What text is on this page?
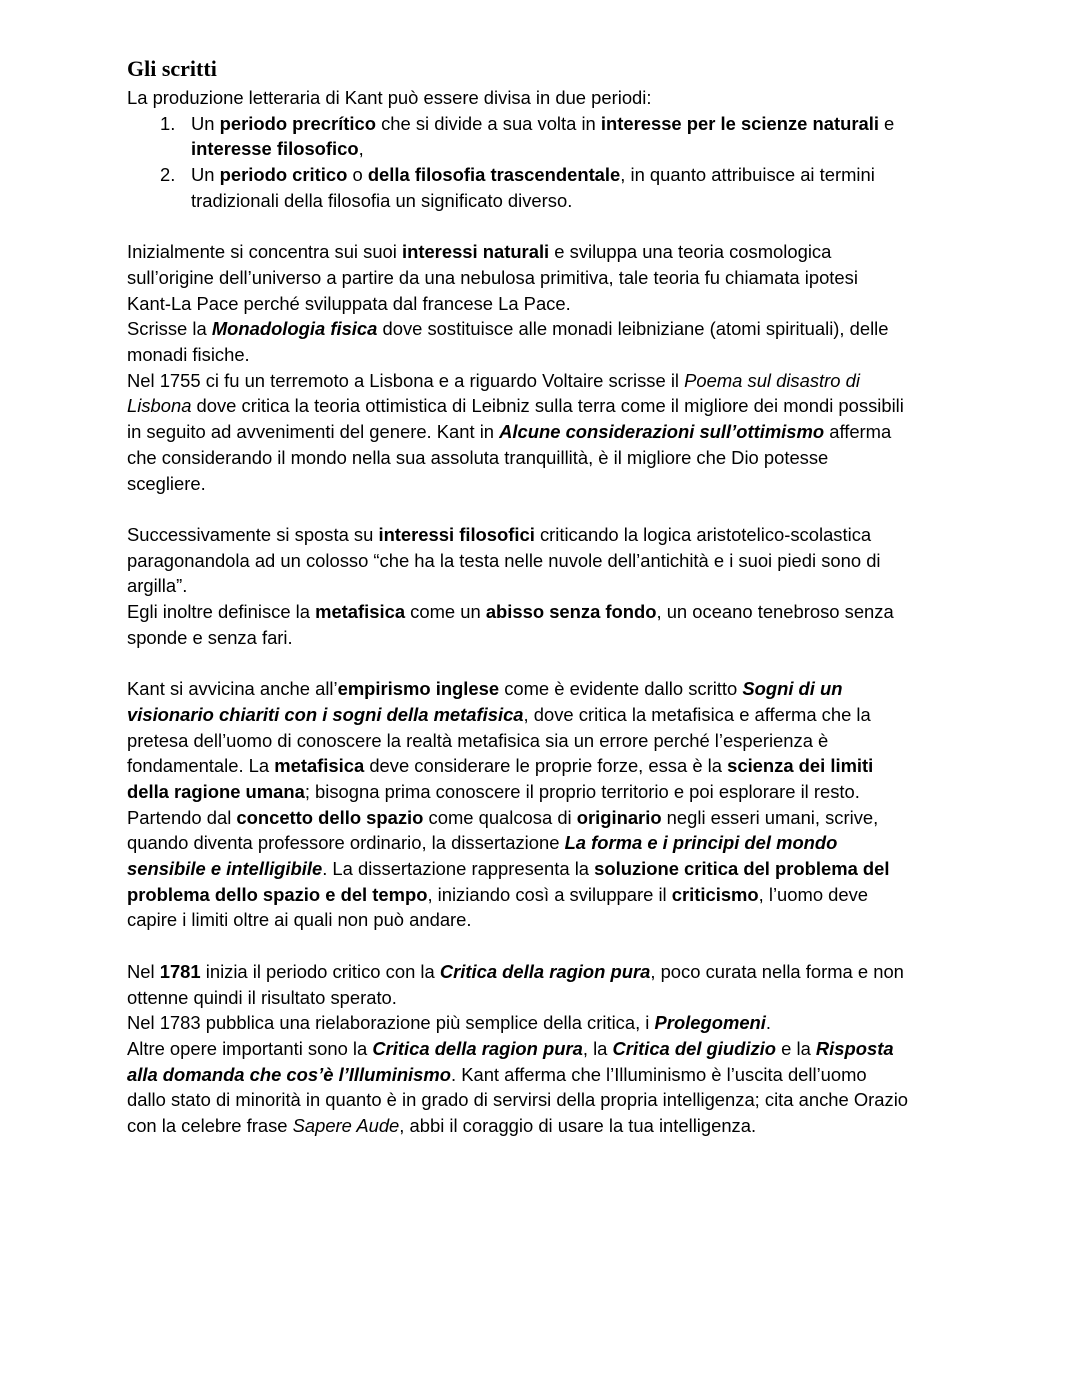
Gli scritti

La produzione letteraria di Kant può essere divisa in due periodi:

1. Un periodo precrítico che si divide a sua volta in interesse per le scienze naturali e
interesse filosofico,
2. Un periodo critico o della filosofia trascendentale, in quanto attribuisce ai termini
tradizionali della filosofia un significato diverso.

Inizialmente si concentra sui suoi interessi naturali e sviluppa una teoria cosmologica
sull’origine dell’universo a partire da una nebulosa primitiva, tale teoria fu chiamata ipotesi
Kant-La Pace perché sviluppata dal francese La Pace.

Scrisse la Monadologia fisica dove sostituisce alle monadi leibniziane (atomi spirituali), delle
monadi fisiche.

Nel 1755 ci fu un terremoto a Lisbona e a riguardo Voltaire scrisse il Poema sul disastro di
Lisbona dove critica la teoria ottimistica di Leibniz sulla terra come il migliore dei mondi possibili
in seguito ad avvenimenti del genere. Kant in Alcune considerazioni sull’ottimismo afferma
che considerando il mondo nella sua assoluta tranquillità, è il migliore che Dio potesse
scegliere.

Successivamente si sposta su interessi filosofici criticando la logica aristotelico-scolastica
paragonandola ad un colosso “che ha la testa nelle nuvole dell’antichità e i suoi piedi sono di
argilla”.

Egli inoltre definisce la metafisica come un abisso senza fondo, un oceano tenebroso senza
sponde e senza fari.

Kant si avvicina anche all’empirismo inglese come è evidente dallo scritto Sogni di un
visionario chiariti con i sogni della metafisica, dove critica la metafisica e afferma che la
pretesa dell’uomo di conoscere la realtà metafisica sia un errore perché l’esperienza è
fondamentale. La metafisica deve considerare le proprie forze, essa è la scienza dei limiti
della ragione umana; bisogna prima conoscere il proprio territorio e poi esplorare il resto.

Partendo dal concetto dello spazio come qualcosa di originario negli esseri umani, scrive,
quando diventa professore ordinario, la dissertazione La forma e i principi del mondo
sensibile e intelligibile. La dissertazione rappresenta la soluzione critica del problema del
problema dello spazio e del tempo, iniziando così a sviluppare il criticismo, l’uomo deve
capire i limiti oltre ai quali non può andare.

Nel 1781 inizia il periodo critico con la Critica della ragion pura, poco curata nella forma e non
ottenne quindi il risultato sperato.

Nel 1783 pubblica una rielaborazione più semplice della critica, i Prolegomeni.

Altre opere importanti sono la Critica della ragion pura, la Critica del giudizio e la Risposta
alla domanda che cos’è l’Illuminismo. Kant afferma che l’Illuminismo è l’uscita dell’uomo
dallo stato di minorità in quanto è in grado di servirsi della propria intelligenza; cita anche Orazio
con la celebre frase Sapere Aude, abbi il coraggio di usare la tua intelligenza.
